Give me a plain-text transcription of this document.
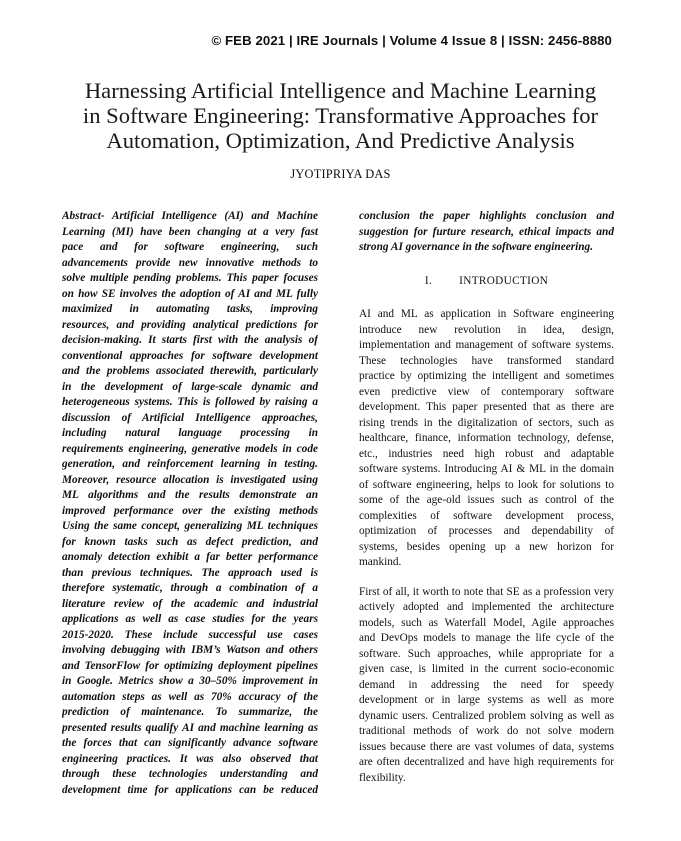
© FEB 2021 | IRE Journals | Volume 4 Issue 8 | ISSN: 2456-8880
Harnessing Artificial Intelligence and Machine Learning
in Software Engineering: Transformative Approaches for
Automation, Optimization, And Predictive Analysis
JYOTIPRIYA DAS
Abstract- Artificial Intelligence (AI) and Machine
Learning (MI) have been changing at a very fast
pace and for software engineering, such
advancements provide new innovative methods to
solve multiple pending problems. This paper focuses
on how SE involves the adoption of AI and ML fully
maximized in automating tasks, improving
resources, and providing analytical predictions for
decision-making. It starts first with the analysis of
conventional approaches for software development
and the problems associated therewith, particularly
in the development of large-scale dynamic and
heterogeneous systems. This is followed by raising a
discussion of Artificial Intelligence approaches,
including natural language processing in
requirements engineering, generative models in code
generation, and reinforcement learning in testing.
Moreover, resource allocation is investigated using
ML algorithms and the results demonstrate an
improved performance over the existing methods
Using the same concept, generalizing ML techniques
for known tasks such as defect prediction, and
anomaly detection exhibit a far better performance
than previous techniques. The approach used is
therefore systematic, through a combination of a
literature review of the academic and industrial
applications as well as case studies for the years
2015-2020. These include successful use cases
involving debugging with IBM’s Watson and others
and TensorFlow for optimizing deployment pipelines
in Google. Metrics show a 30–50% improvement in
automation steps as well as 70% accuracy of the
prediction of maintenance. To summarize, the
presented results qualify AI and machine learning as
the forces that can significantly advance software
engineering practices. It was also observed that
through these technologies understanding and
development time for applications can be reduced
conclusion the paper highlights conclusion and
suggestion for furture research, ethical impacts and
strong AI governance in the software engineering.
I. INTRODUCTION
AI and ML as application in Software engineering
introduce new revolution in idea, design,
implementation and management of software systems.
These technologies have transformed standard
practice by optimizing the intelligent and sometimes
even predictive view of contemporary software
development. This paper presented that as there are
rising trends in the digitalization of sectors, such as
healthcare, finance, information technology, defense,
etc., industries need high robust and adaptable
software systems. Introducing AI & ML in the domain
of software engineering, helps to look for solutions to
some of the age-old issues such as control of the
complexities of software development process,
optimization of processes and dependability of
systems, besides opening up a new horizon for
mankind.
First of all, it worth to note that SE as a profession very
actively adopted and implemented the architecture
models, such as Waterfall Model, Agile approaches
and DevOps models to manage the life cycle of the
software. Such approaches, while appropriate for a
given case, is limited in the current socio-economic
demand in addressing the need for speedy
development or in large systems as well as more
dynamic users. Centralized problem solving as well as
traditional methods of work do not solve modern
issues because there are vast volumes of data, systems
are often decentralized and have high requirements for
flexibility.
